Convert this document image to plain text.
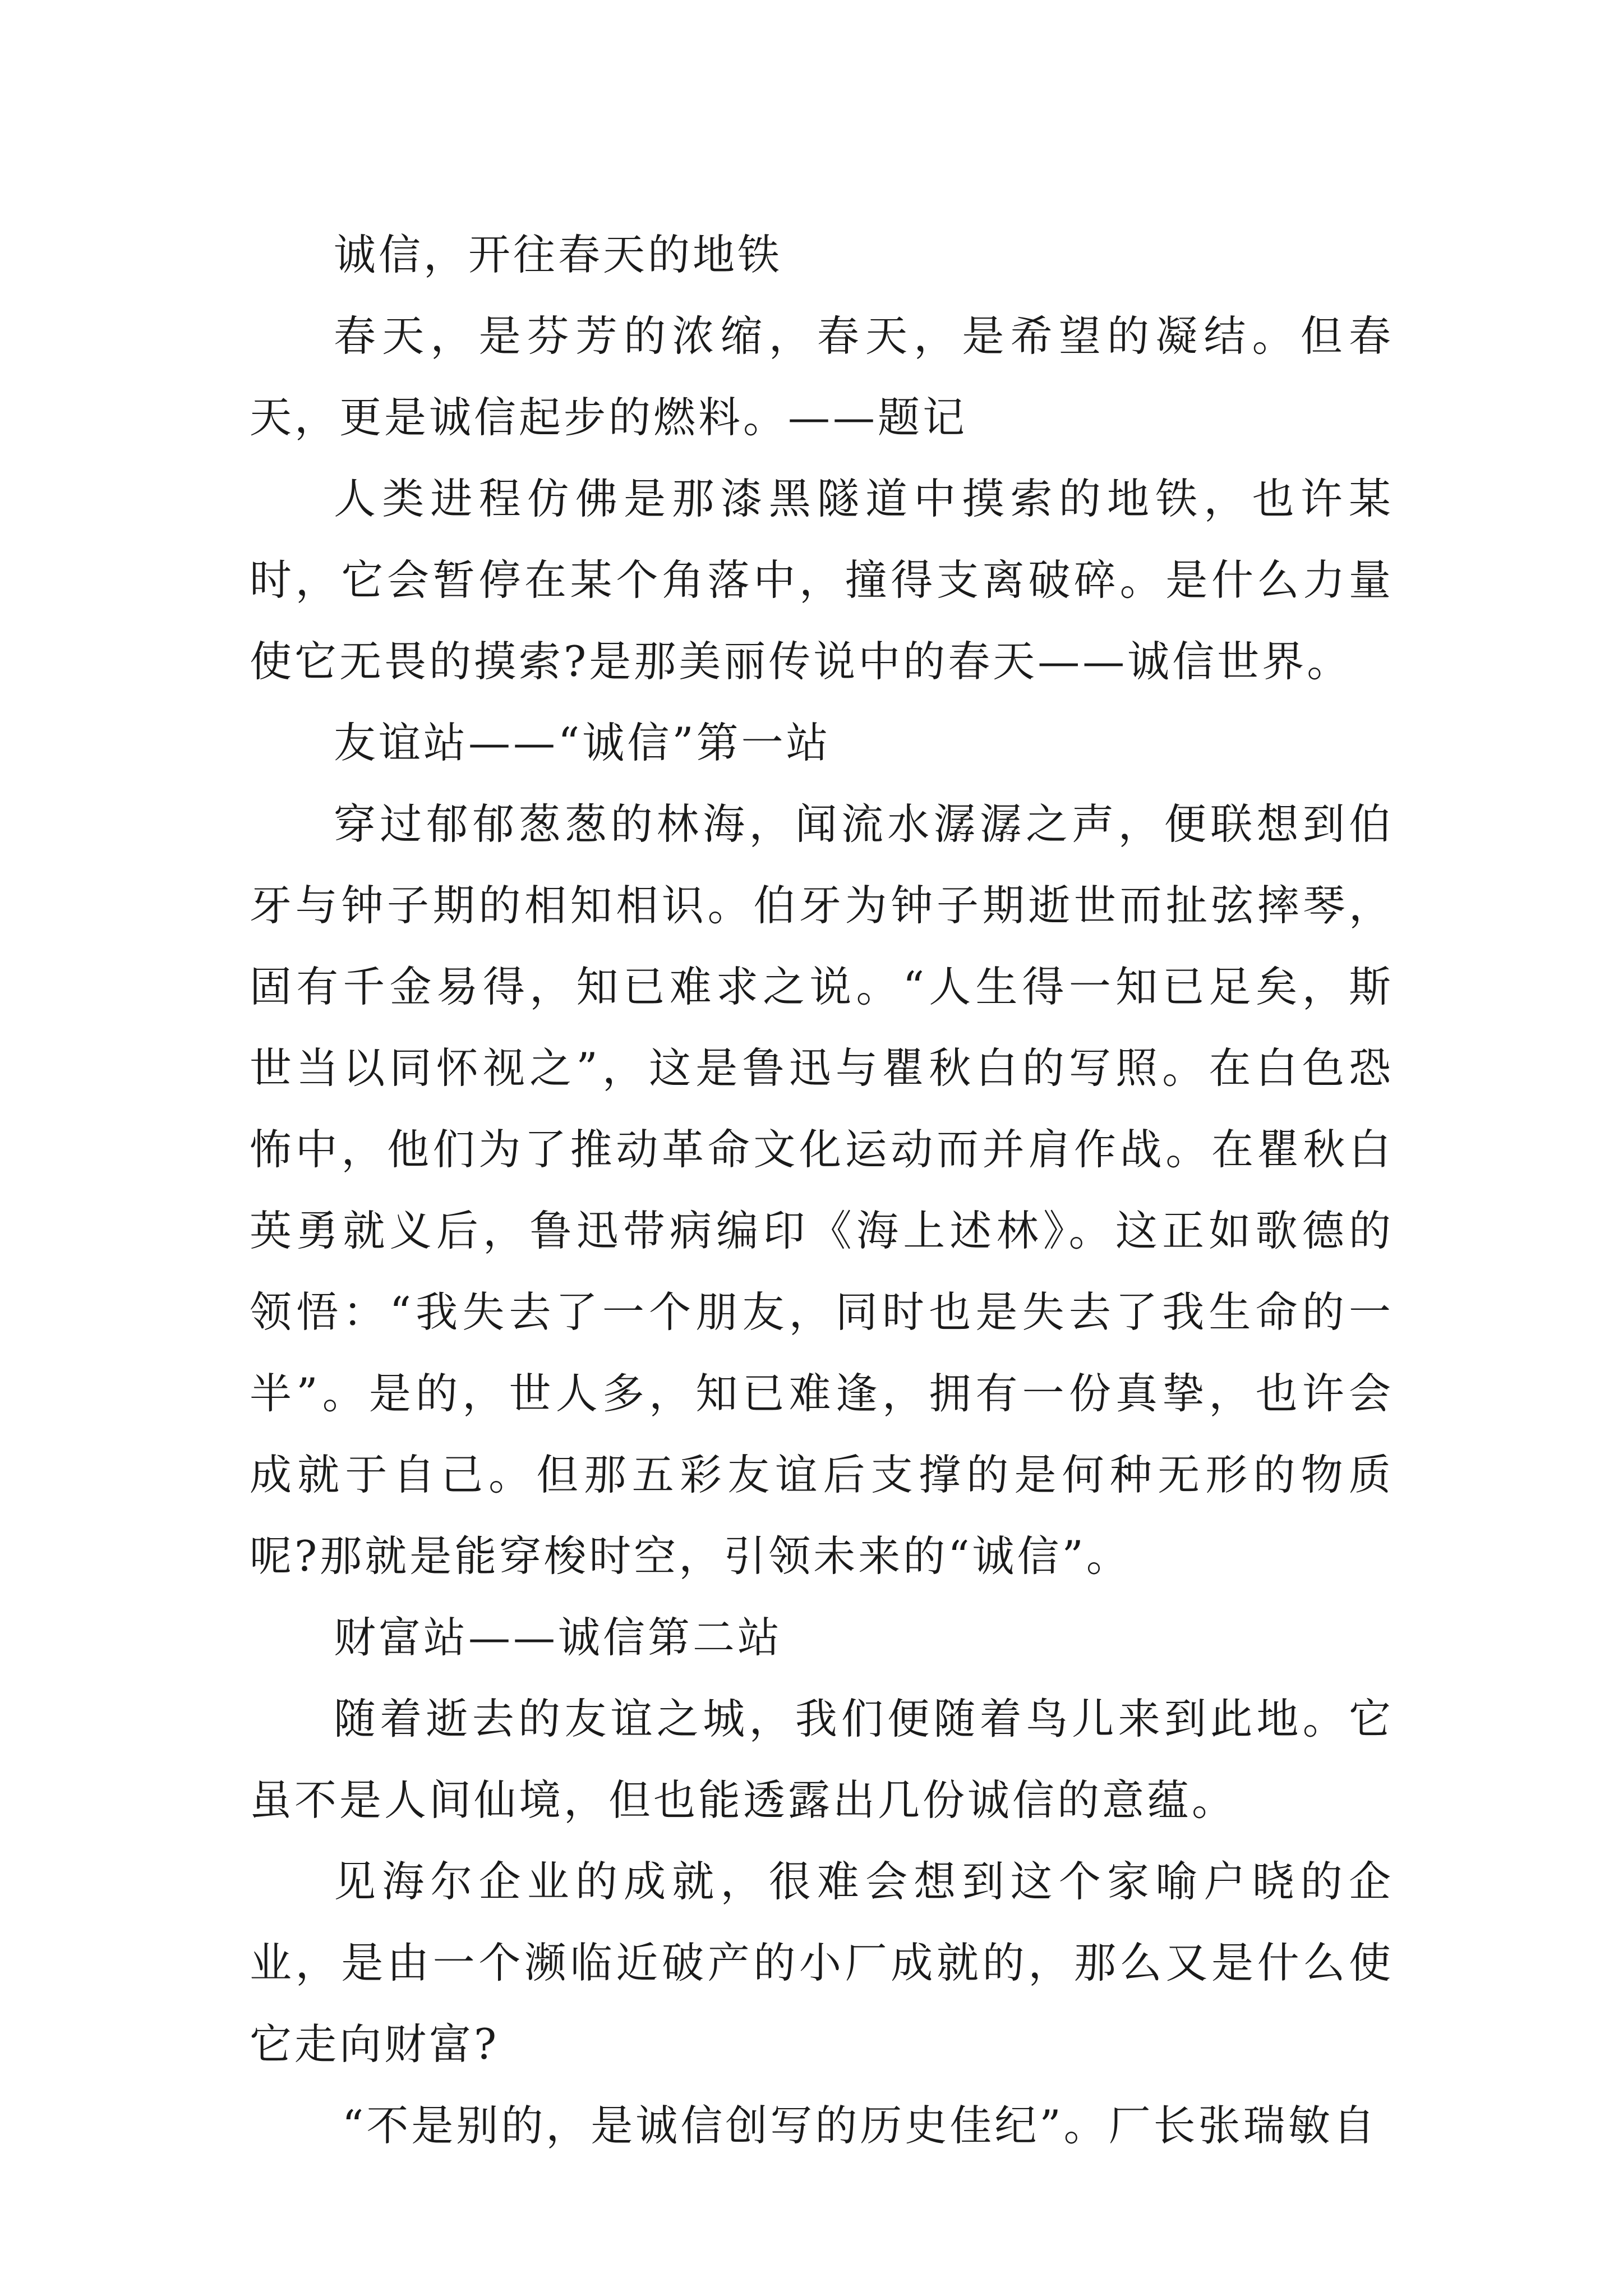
诚信，开往春天的地铁

春天，是芬芳的浓缩，春天，是希望的凝结。但春天，更是诚信起步的燃料。——题记

人类进程仿佛是那漆黑隧道中摸索的地铁，也许某时，它会暂停在某个角落中，撞得支离破碎。是什么力量使它无畏的摸索?是那美丽传说中的春天——诚信世界。

友谊站——“诚信”第一站

穿过郁郁葱葱的林海，闻流水潺潺之声，便联想到伯牙与钟子期的相知相识。伯牙为钟子期逝世而扯弦摔琴，固有千金易得，知已难求之说。“人生得一知已足矣，斯世当以同怀视之”，这是鲁迅与瞿秋白的写照。在白色恐怖中，他们为了推动革命文化运动而并肩作战。在瞿秋白英勇就义后，鲁迅带病编印《海上述林》。这正如歌德的领悟：“我失去了一个朋友，同时也是失去了我生命的一半”。是的，世人多，知已难逢，拥有一份真挚，也许会成就于自己。但那五彩友谊后支撑的是何种无形的物质呢?那就是能穿梭时空，引领未来的“诚信”。

财富站——诚信第二站

随着逝去的友谊之城，我们便随着鸟儿来到此地。它虽不是人间仙境，但也能透露出几份诚信的意蕴。

见海尔企业的成就，很难会想到这个家喻户晓的企业，是由一个濒临近破产的小厂成就的，那么又是什么使它走向财富?

“不是别的，是诚信创写的历史佳纪”。厂长张瑞敏自
